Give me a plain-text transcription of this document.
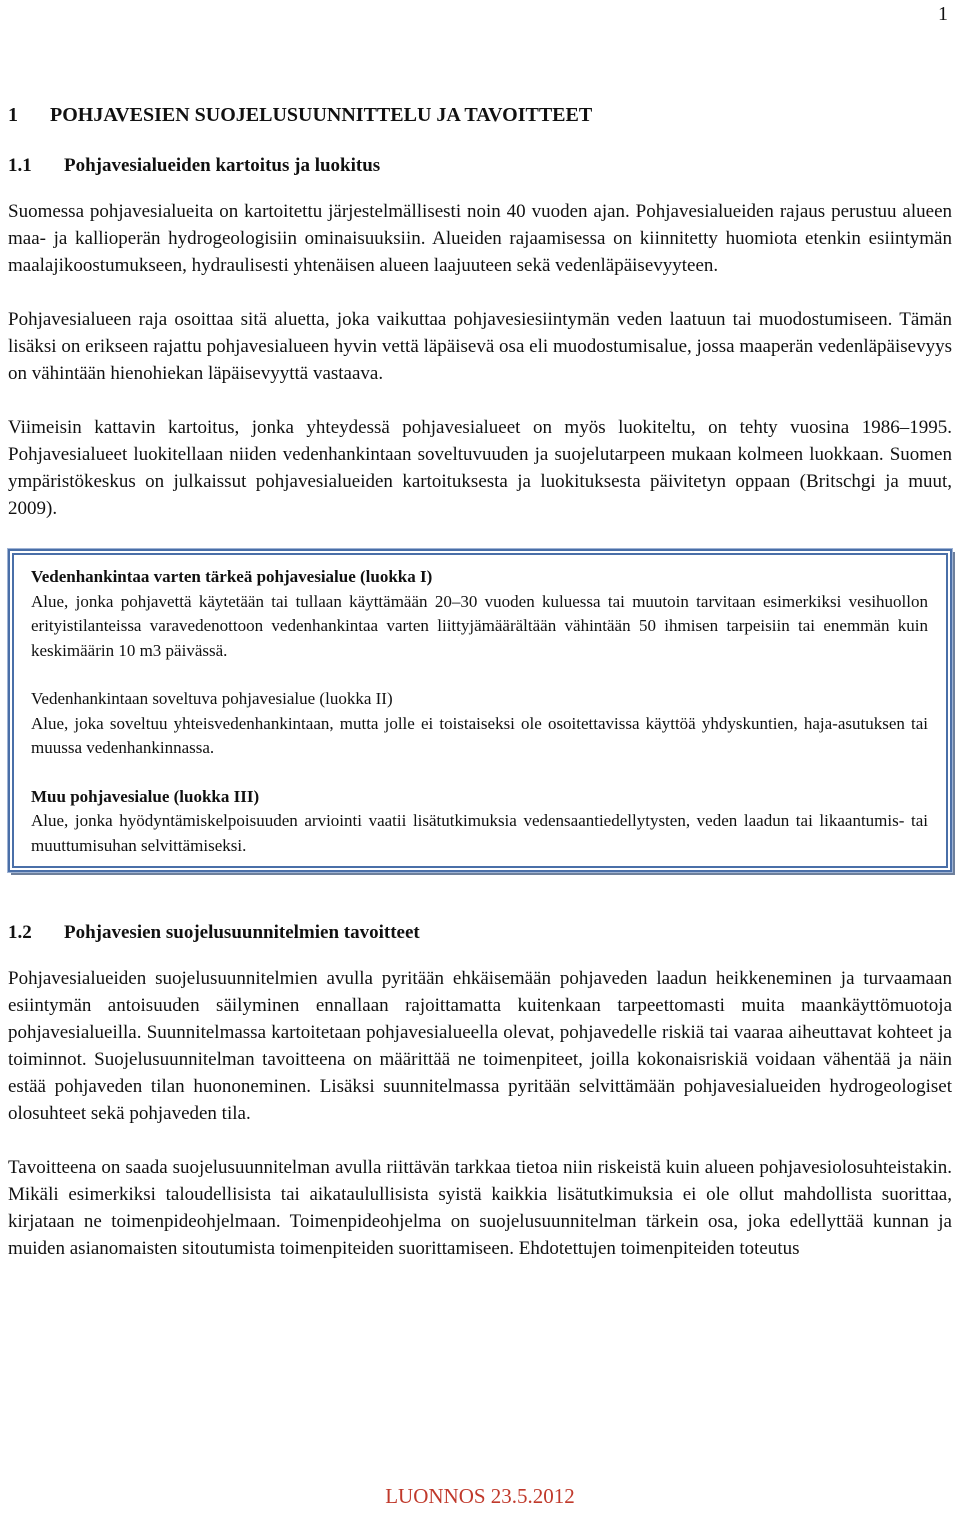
1
1 POHJAVESIEN SUOJELUSUUNNITTELU JA TAVOITTEET
1.1 Pohjavesialueiden kartoitus ja luokitus

Suomessa pohjavesialueita on kartoitettu järjestelmällisesti noin 40 vuoden ajan. Pohjavesialueiden rajaus perustuu alueen maa- ja kallioperän hydrogeologisiin ominaisuuksiin. Alueiden rajaamisessa on kiinnitetty huomiota etenkin esiintymän maalajikoostumukseen, hydraulisesti yhtenäisen alueen laajuuteen sekä vedenläpäisevyyteen.

Pohjavesialueen raja osoittaa sitä aluetta, joka vaikuttaa pohjavesiesiintymän veden laatuun tai muodostumiseen. Tämän lisäksi on erikseen rajattu pohjavesialueen hyvin vettä läpäisevä osa eli muodostumisalue, jossa maaperän vedenläpäisevyys on vähintään hienohiekan läpäisevyyttä vastaava.

Viimeisin kattavin kartoitus, jonka yhteydessä pohjavesialueet on myös luokiteltu, on tehty vuosina 1986–1995. Pohjavesialueet luokitellaan niiden vedenhankintaan soveltuvuuden ja suojelutarpeen mukaan kolmeen luokkaan. Suomen ympäristökeskus on julkaissut pohjavesialueiden kartoituksesta ja luokituksesta päivitetyn oppaan (Britschgi ja muut, 2009).

Vedenhankintaa varten tärkeä pohjavesialue (luokka I)

Alue, jonka pohjavettä käytetään tai tullaan käyttämään 20–30 vuoden kuluessa tai muutoin tarvitaan esimerkiksi vesihuollon erityistilanteissa varavedenottoon vedenhankintaa varten liittyjämäärältään vähintään 50 ihmisen tarpeisiin tai enemmän kuin keskimäärin 10 m3 päivässä.

Vedenhankintaan soveltuva pohjavesialue (luokka II)

Alue, joka soveltuu yhteisvedenhankintaan, mutta jolle ei toistaiseksi ole osoitettavissa käyttöä yhdyskuntien, haja-asutuksen tai muussa vedenhankinnassa.

Muu pohjavesialue (luokka III)

Alue, jonka hyödyntämiskelpoisuuden arviointi vaatii lisätutkimuksia vedensaantiedellytysten, veden laadun tai likaantumis- tai muuttumisuhan selvittämiseksi.

1.2 Pohjavesien suojelusuunnitelmien tavoitteet

Pohjavesialueiden suojelusuunnitelmien avulla pyritään ehkäisemään pohjaveden laadun heikkeneminen ja turvaamaan esiintymän antoisuuden säilyminen ennallaan rajoittamatta kuitenkaan tarpeettomasti muita maankäyttömuotoja pohjavesialueilla. Suunnitelmassa kartoitetaan pohjavesialueella olevat, pohjavedelle riskiä tai vaaraa aiheuttavat kohteet ja toiminnot. Suojelusuunnitelman tavoitteena on määrittää ne toimenpiteet, joilla kokonaisriskiä voidaan vähentää ja näin estää pohjaveden tilan huononeminen. Lisäksi suunnitelmassa pyritään selvittämään pohjavesialueiden hydrogeologiset olosuhteet sekä pohjaveden tila.

Tavoitteena on saada suojelusuunnitelman avulla riittävän tarkkaa tietoa niin riskeistä kuin alueen pohjavesiolosuhteistakin. Mikäli esimerkiksi taloudellisista tai aikataulullisista syistä kaikkia lisätutkimuksia ei ole ollut mahdollista suorittaa, kirjataan ne toimenpideohjelmaan. Toimenpideohjelma on suojelusuunnitelman tärkein osa, joka edellyttää kunnan ja muiden asianomaisten sitoutumista toimenpiteiden suorittamiseen. Ehdotettujen toimenpiteiden toteutus

LUONNOS 23.5.2012
